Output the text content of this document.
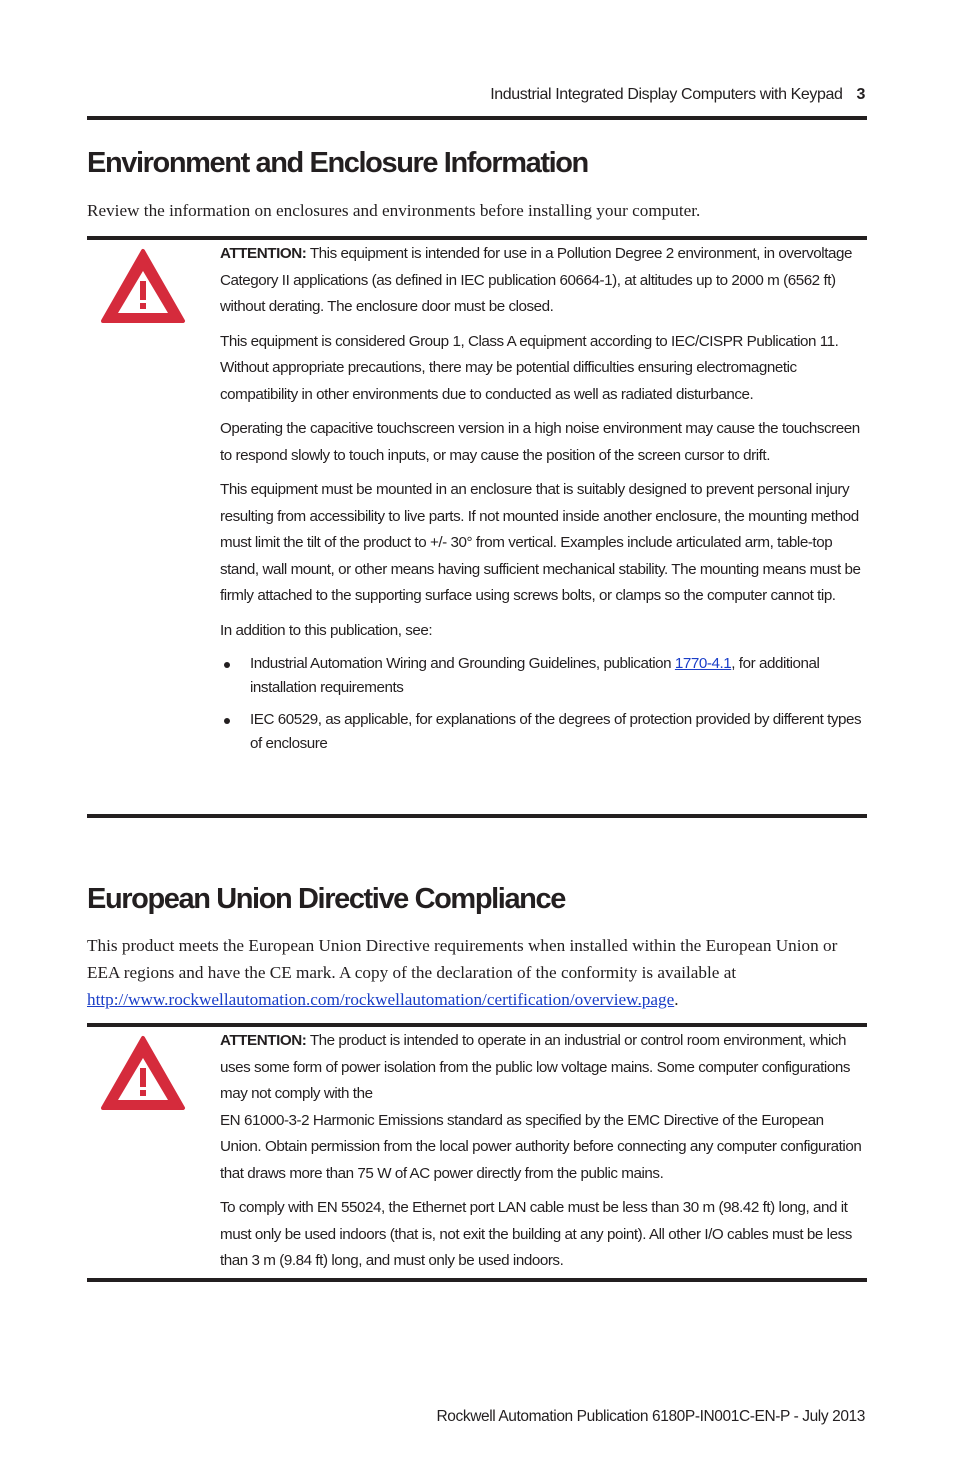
Industrial Integrated Display Computers with Keypad 3
Environment and Enclosure Information

Review the information on enclosures and environments before installing your computer.

ATTENTION: This equipment is intended for use in a Pollution Degree 2 environment, in overvoltage Category II applications (as defined in IEC publication 60664-1), at altitudes up to 2000 m (6562 ft) without derating. The enclosure door must be closed.

This equipment is considered Group 1, Class A equipment according to IEC/CISPR Publication 11. Without appropriate precautions, there may be potential difficulties ensuring electromagnetic compatibility in other environments due to conducted as well as radiated disturbance.

Operating the capacitive touchscreen version in a high noise environment may cause the touchscreen to respond slowly to touch inputs, or may cause the position of the screen cursor to drift.

This equipment must be mounted in an enclosure that is suitably designed to prevent personal injury resulting from accessibility to live parts. If not mounted inside another enclosure, the mounting method must limit the tilt of the product to +/- 30° from vertical. Examples include articulated arm, table-top stand, wall mount, or other means having sufficient mechanical stability. The mounting means must be firmly attached to the supporting surface using screws bolts, or clamps so the computer cannot tip.

In addition to this publication, see:

Industrial Automation Wiring and Grounding Guidelines, publication 1770-4.1, for additional installation requirements
IEC 60529, as applicable, for explanations of the degrees of protection provided by different types of enclosure
European Union Directive Compliance

This product meets the European Union Directive requirements when installed within the European Union or EEA regions and have the CE mark. A copy of the declaration of the conformity is available at http://www.rockwellautomation.com/rockwellautomation/certification/overview.page.

ATTENTION: The product is intended to operate in an industrial or control room environment, which uses some form of power isolation from the public low voltage mains. Some computer configurations may not comply with the

EN 61000-3-2 Harmonic Emissions standard as specified by the EMC Directive of the European Union. Obtain permission from the local power authority before connecting any computer configuration that draws more than 75 W of AC power directly from the public mains.

To comply with EN 55024, the Ethernet port LAN cable must be less than 30 m (98.42 ft) long, and it must only be used indoors (that is, not exit the building at any point). All other I/O cables must be less than 3 m (9.84 ft) long, and must only be used indoors.

Rockwell Automation Publication 6180P-IN001C-EN-P - July 2013
